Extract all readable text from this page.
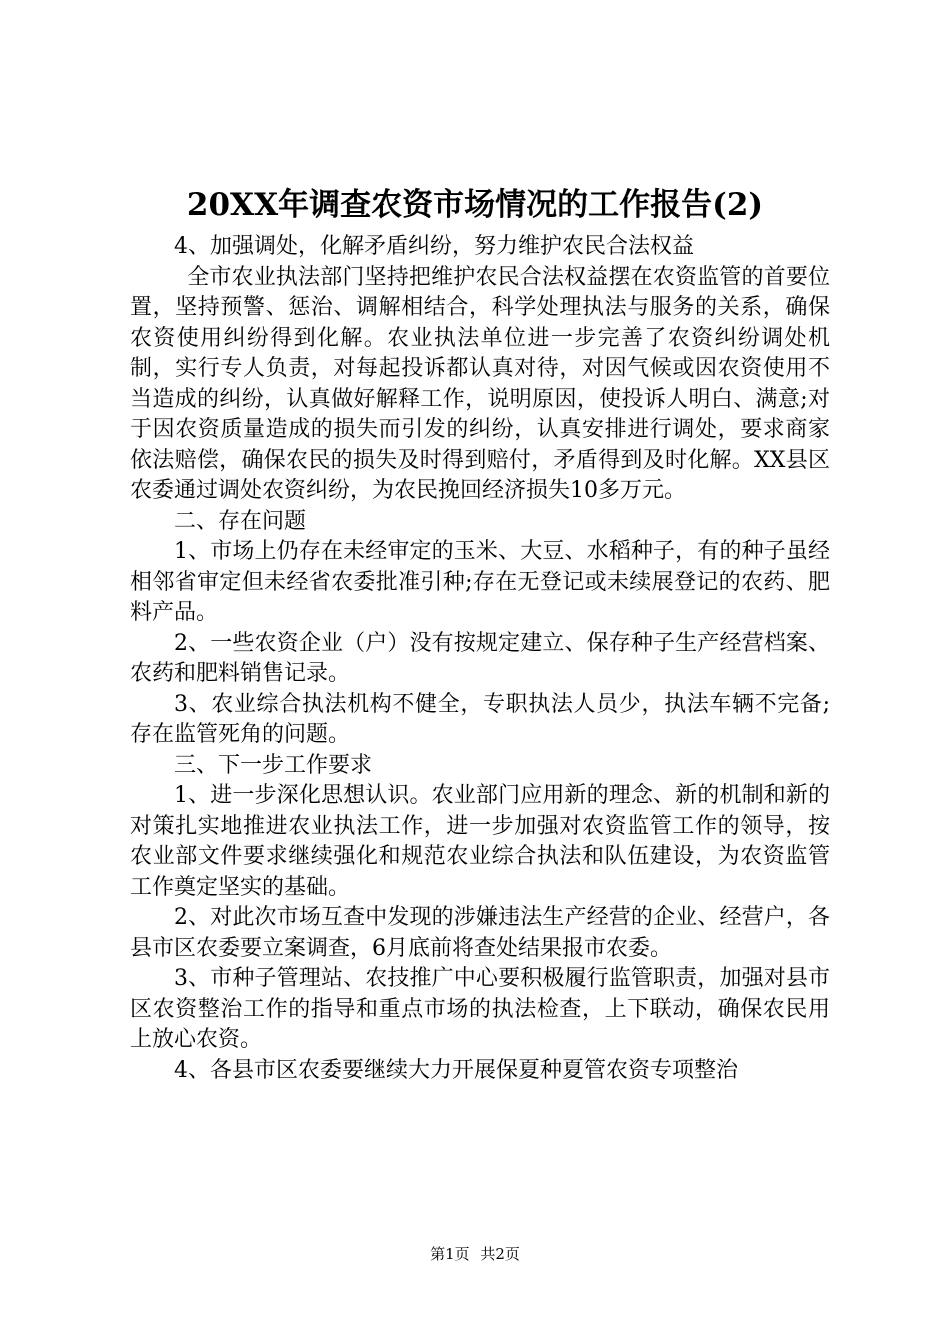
20XX年调查农资市场情况的工作报告(2)

4、加强调处，化解矛盾纠纷，努力维护农民合法权益

全市农业执法部门坚持把维护农民合法权益摆在农资监管的首要位置，坚持预警、惩治、调解相结合，科学处理执法与服务的关系，确保农资使用纠纷得到化解。农业执法单位进一步完善了农资纠纷调处机制，实行专人负责，对每起投诉都认真对待，对因气候或因农资使用不当造成的纠纷，认真做好解释工作，说明原因，使投诉人明白、满意;对于因农资质量造成的损失而引发的纠纷，认真安排进行调处，要求商家依法赔偿，确保农民的损失及时得到赔付，矛盾得到及时化解。XX县区农委通过调处农资纠纷，为农民挽回经济损失10多万元。

二、存在问题

1、市场上仍存在未经审定的玉米、大豆、水稻种子，有的种子虽经相邻省审定但未经省农委批准引种;存在无登记或未续展登记的农药、肥料产品。

2、一些农资企业（户）没有按规定建立、保存种子生产经营档案、农药和肥料销售记录。

3、农业综合执法机构不健全，专职执法人员少，执法车辆不完备;存在监管死角的问题。

三、下一步工作要求

1、进一步深化思想认识。农业部门应用新的理念、新的机制和新的对策扎实地推进农业执法工作，进一步加强对农资监管工作的领导，按农业部文件要求继续强化和规范农业综合执法和队伍建设，为农资监管工作奠定坚实的基础。

2、对此次市场互查中发现的涉嫌违法生产经营的企业、经营户，各县市区农委要立案调查，6月底前将查处结果报市农委。

3、市种子管理站、农技推广中心要积极履行监管职责，加强对县市区农资整治工作的指导和重点市场的执法检查，上下联动，确保农民用上放心农资。

4、各县市区农委要继续大力开展保夏种夏管农资专项整治

第1页 共2页
